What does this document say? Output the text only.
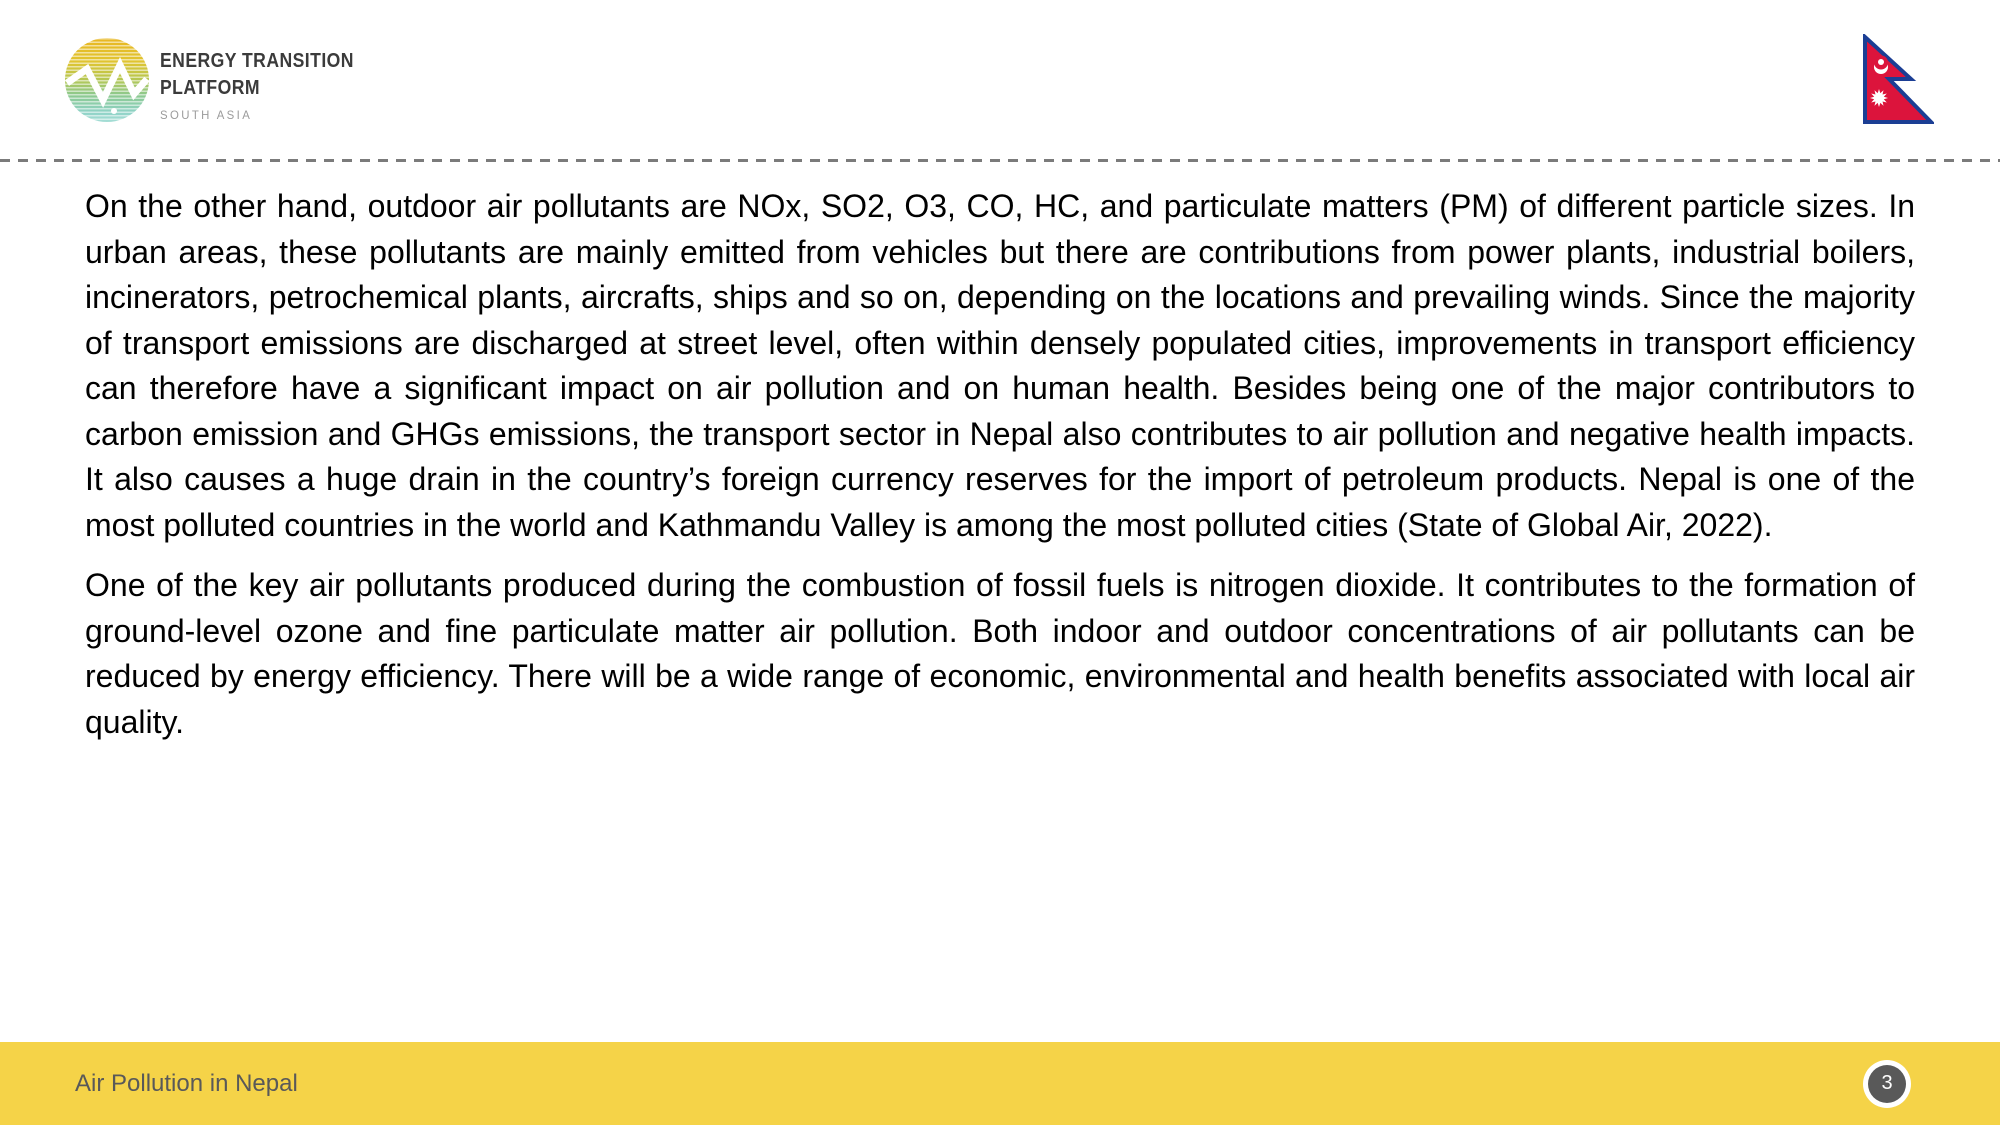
ENERGY TRANSITION
PLATFORM
SOUTH ASIA

On the other hand, outdoor air pollutants are NOx, SO2, O3, CO, HC, and particulate matters (PM) of different particle sizes. In urban areas, these pollutants are mainly emitted from vehicles but there are contributions from power plants, industrial boilers, incinerators, petrochemical plants, aircrafts, ships and so on, depending on the locations and prevailing winds. Since the majority of transport emissions are discharged at street level, often within densely populated cities, improvements in transport efficiency can therefore have a significant impact on air pollution and on human health. Besides being one of the major contributors to carbon emission and GHGs emissions, the transport sector in Nepal also contributes to air pollution and negative health impacts. It also causes a huge drain in the country’s foreign currency reserves for the import of petroleum products. Nepal is one of the most polluted countries in the world and Kathmandu Valley is among the most polluted cities (State of Global Air, 2022).

One of the key air pollutants produced during the combustion of fossil fuels is nitrogen dioxide. It contributes to the formation of ground-level ozone and fine particulate matter air pollution. Both indoor and outdoor concentrations of air pollutants can be reduced by energy efficiency. There will be a wide range of economic, environmental and health benefits associated with local air quality.

Air Pollution in Nepal	3
